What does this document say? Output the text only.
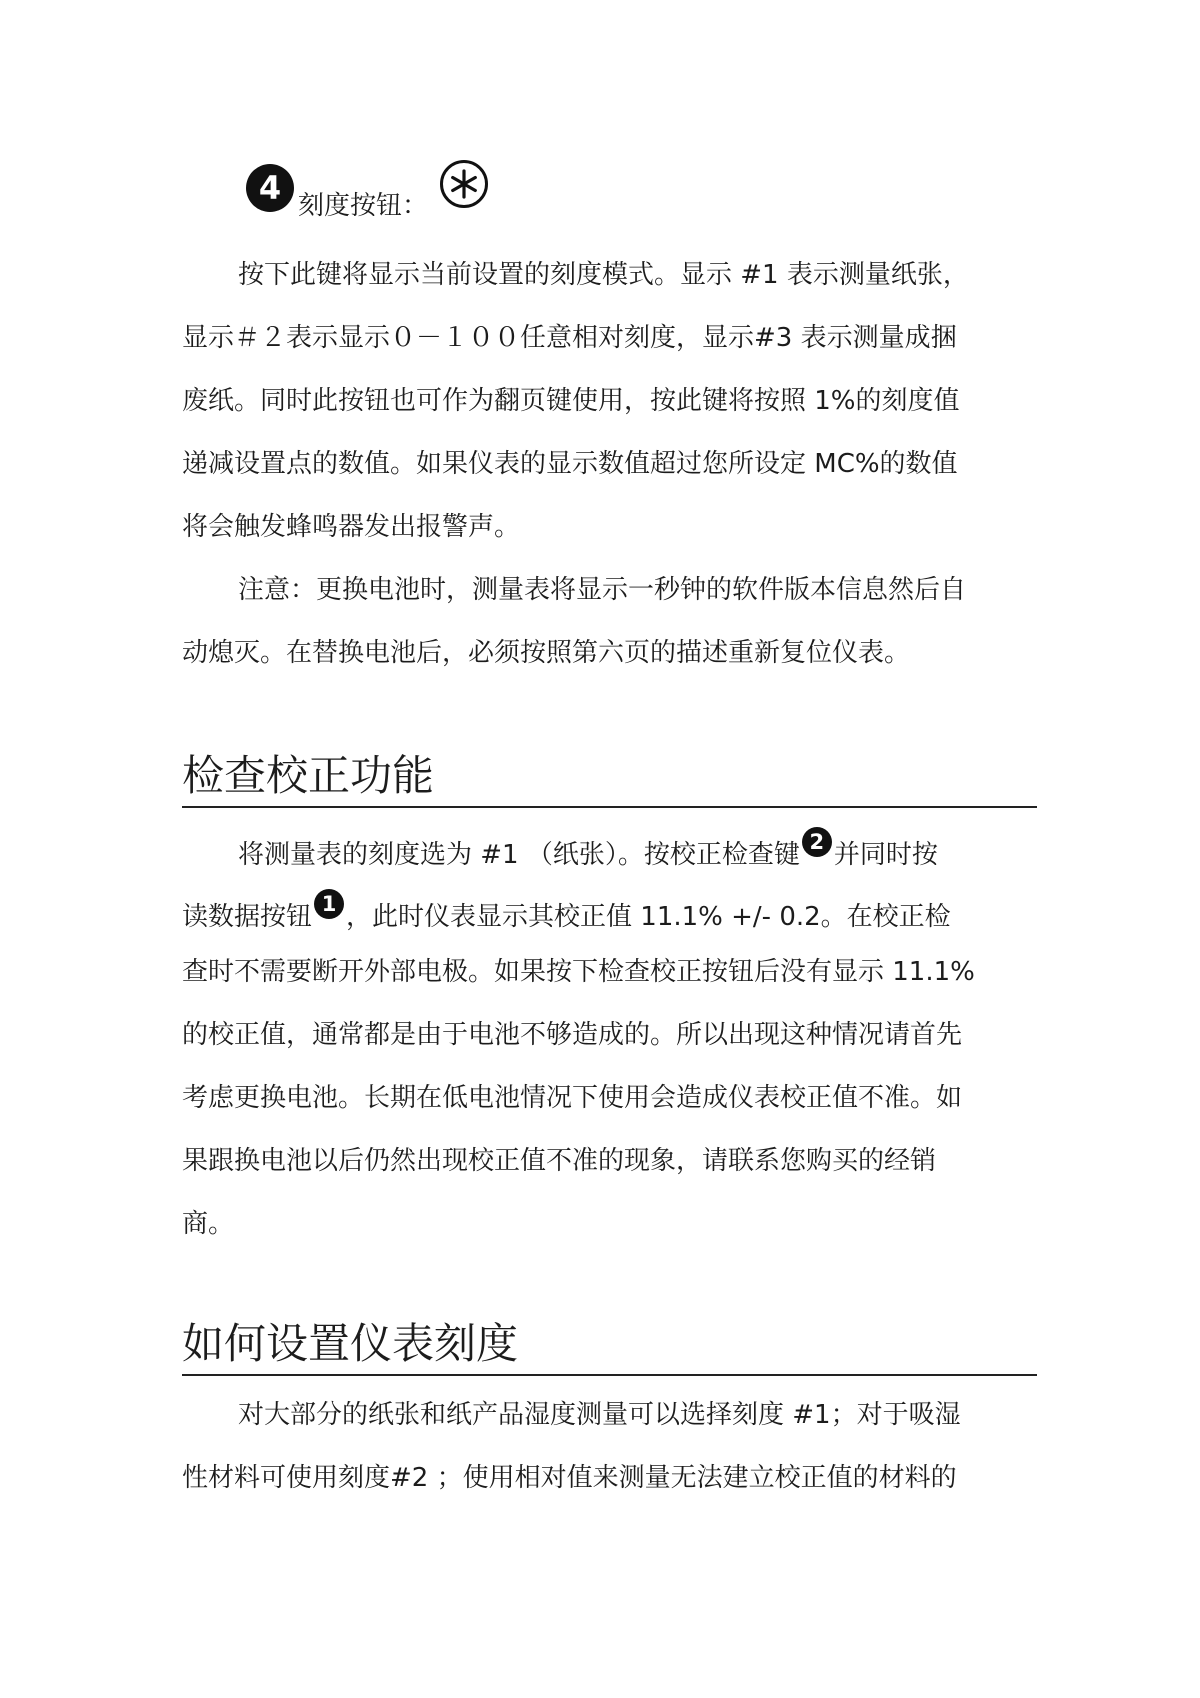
4 刻度按钮：
按下此键将显示当前设置的刻度模式。显示 #1 表示测量纸张，
显示＃２表示显示０－１００任意相对刻度，显示#3 表示测量成捆
废纸。同时此按钮也可作为翻页键使用，按此键将按照 1%的刻度值
递减设置点的数值。如果仪表的显示数值超过您所设定 MC%的数值
将会触发蜂鸣器发出报警声。
注意：更换电池时，测量表将显示一秒钟的软件版本信息然后自
动熄灭。在替换电池后，必须按照第六页的描述重新复位仪表。
检查校正功能
将测量表的刻度选为 #1 （纸张）。按校正检查键 2 并同时按
读数据按钮 1 ，此时仪表显示其校正值 11.1% +/- 0.2。在校正检
查时不需要断开外部电极。如果按下检查校正按钮后没有显示 11.1%
的校正值，通常都是由于电池不够造成的。所以出现这种情况请首先
考虑更换电池。长期在低电池情况下使用会造成仪表校正值不准。如
果跟换电池以后仍然出现校正值不准的现象，请联系您购买的经销
商。
如何设置仪表刻度
对大部分的纸张和纸产品湿度测量可以选择刻度 #1；对于吸湿
性材料可使用刻度#2 ；使用相对值来测量无法建立校正值的材料的
